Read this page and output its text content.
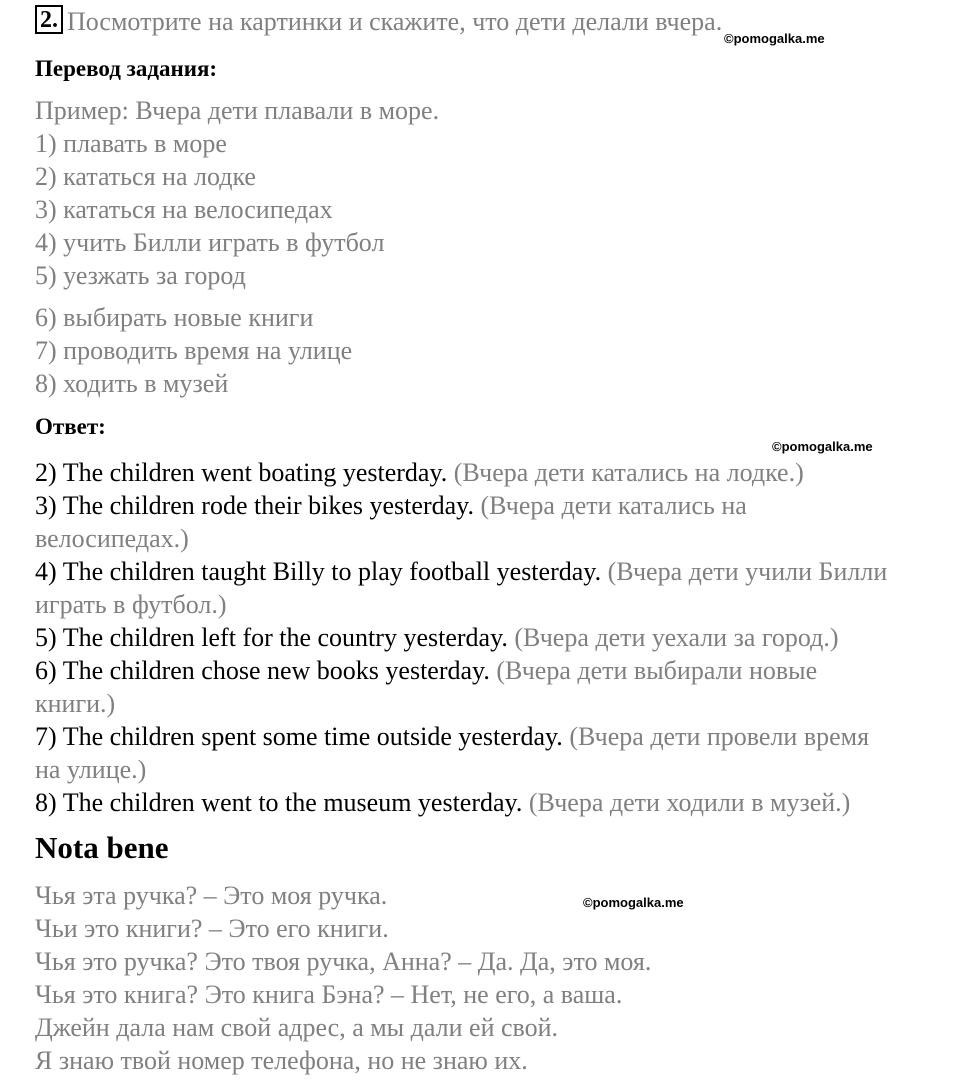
2. Посмотрите на картинки и скажите, что дети делали вчера.
©pomogalka.me
Перевод задания:
Пример: Вчера дети плавали в море.
1) плавать в море
2) кататься на лодке
3) кататься на велосипедах
4) учить Билли играть в футбол
5) уезжать за город
6) выбирать новые книги
7) проводить время на улице
8) ходить в музей
Ответ:
©pomogalka.me
2) The children went boating yesterday. (Вчера дети катались на лодке.)
3) The children rode their bikes yesterday. (Вчера дети катались на
велосипедах.)
4) The children taught Billy to play football yesterday. (Вчера дети учили Билли
играть в футбол.)
5) The children left for the country yesterday. (Вчера дети уехали за город.)
6) The children chose new books yesterday. (Вчера дети выбирали новые
книги.)
7) The children spent some time outside yesterday. (Вчера дети провели время
на улице.)
8) The children went to the museum yesterday. (Вчера дети ходили в музей.)
Nota bene
Чья эта ручка? – Это моя ручка.	©pomogalka.me
Чьи это книги? – Это его книги.
Чья это ручка? Это твоя ручка, Анна? – Да. Да, это моя.
Чья это книга? Это книга Бэна? – Нет, не его, а ваша.
Джейн дала нам свой адрес, а мы дали ей свой.
Я знаю твой номер телефона, но не знаю их.
